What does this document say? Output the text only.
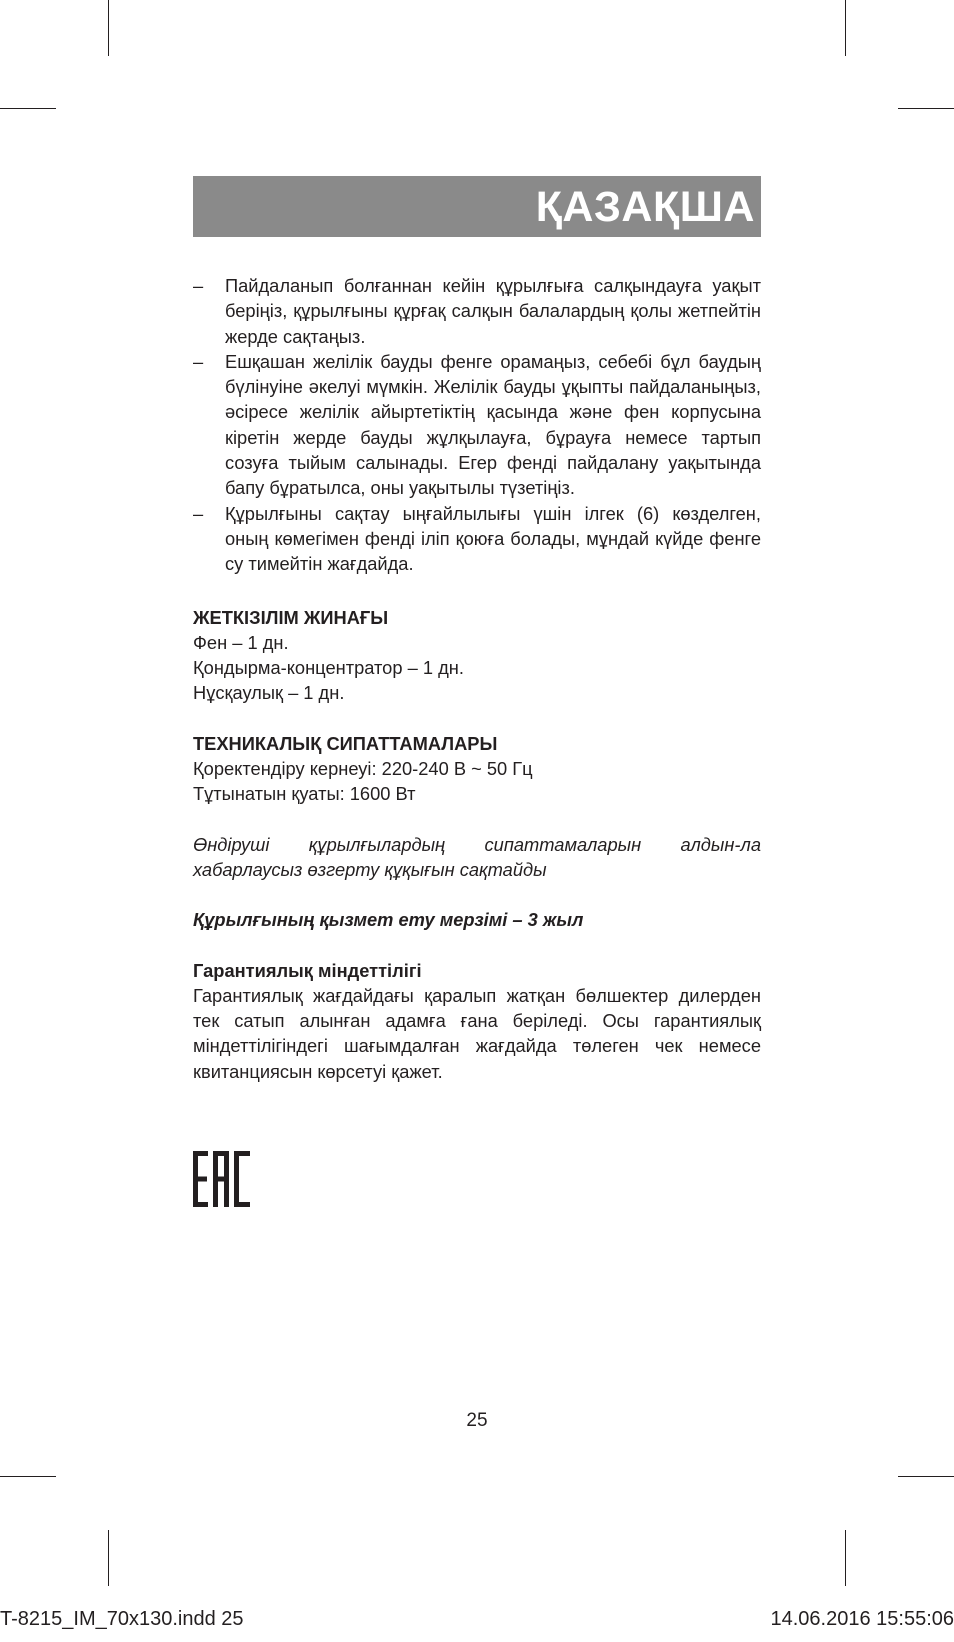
ҚАЗАҚША
– Пайдаланып болғаннан кейін құрылғыға салқындауға уақыт беріңіз, құрылғыны құрғақ салқын балалардың қолы жетпейтін жерде сақтаңыз.
– Ешқашан желілік бауды фенге орамаңыз, себебі бұл баудың бүлінуіне әкелуі мүмкін. Желілік бауды ұқыпты пайдаланыңыз, әсіресе желілік айыртетіктің қасында және фен корпусына кіретін жерде бауды жұлқылауға, бұрауға немесе тартып созуға тыйым салынады. Егер фенді пайдалану уақытында бапу бұратылса, оны уақытылы түзетіңіз.
– Құрылғыны сақтау ыңғайлылығы үшін ілгек (6) көзделген, оның көмегімен фенді іліп қоюға болады, мұндай күйде фенге су тимейтін жағдайда.
ЖЕТКІЗІЛІМ ЖИНАҒЫ
Фен – 1 дн.
Қондырма-концентратор – 1 дн.
Нұсқаулық – 1 дн.
ТЕХНИКАЛЫҚ СИПАТТАМАЛАРЫ
Қоректендіру кернеуі: 220-240 В ~ 50 Гц
Тұтынатын қуаты: 1600 Вт
Өндіруші құрылғылардың сипаттамаларын алдын-ла хабарлаусыз өзгерту құқығын сақтайды
Құрылғының қызмет ету мерзімі – 3 жыл
Гарантиялық міндеттілігі
Гарантиялық жағдайдағы қаралып жатқан бөлшектер дилерден тек сатып алынған адамға ғана беріледі. Осы гарантиялық міндеттілігіндегі шағымдалған жағдайда төлеген чек немесе квитанциясын көрсетуі қажет.
25
T-8215_IM_70x130.indd 25	14.06.2016 15:55:06
